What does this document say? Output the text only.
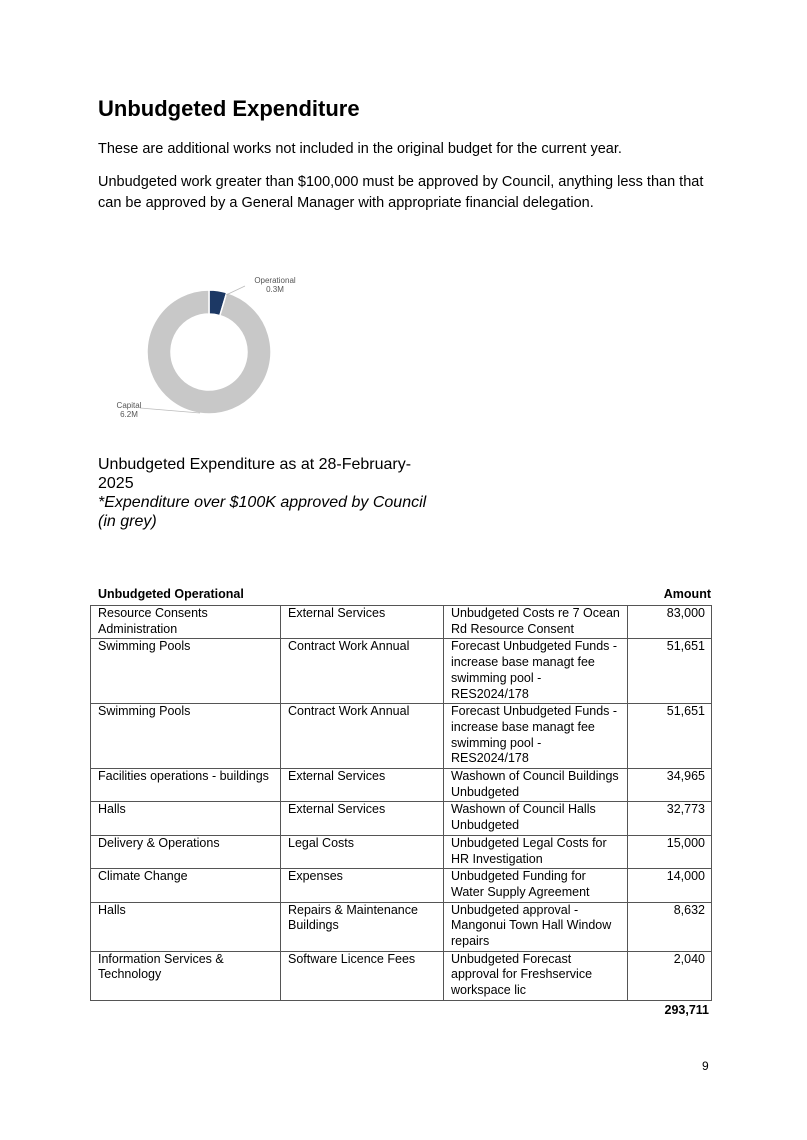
Unbudgeted Expenditure

These are additional works not included in the original budget for the current year.

Unbudgeted work greater than $100,000 must be approved by Council, anything less than that can be approved by a General Manager with appropriate financial delegation.

Operational
0.3M
Capital
6.2M
Unbudgeted Expenditure as at 28-February-2025
*Expenditure over $100K approved by Council (in grey)
Unbudgeted Operational	Amount
Resource Consents Administration	External Services	Unbudgeted Costs re 7 Ocean Rd Resource Consent	83,000
Swimming Pools	Contract Work Annual	Forecast Unbudgeted Funds -increase base managt fee swimming pool - RES2024/178	51,651
Swimming Pools	Contract Work Annual	Forecast Unbudgeted Funds -increase base managt fee swimming pool - RES2024/178	51,651
Facilities operations - buildings	External Services	Washown of Council Buildings Unbudgeted	34,965
Halls	External Services	Washown of Council Halls Unbudgeted	32,773
Delivery & Operations	Legal Costs	Unbudgeted Legal Costs for HR Investigation	15,000
Climate Change	Expenses	Unbudgeted Funding for Water Supply Agreement	14,000
Halls	Repairs & Maintenance Buildings	Unbudgeted approval - Mangonui Town Hall Window repairs	8,632
Information Services & Technology	Software Licence Fees	Unbudgeted Forecast approval for Freshservice workspace lic	2,040
293,711
9
